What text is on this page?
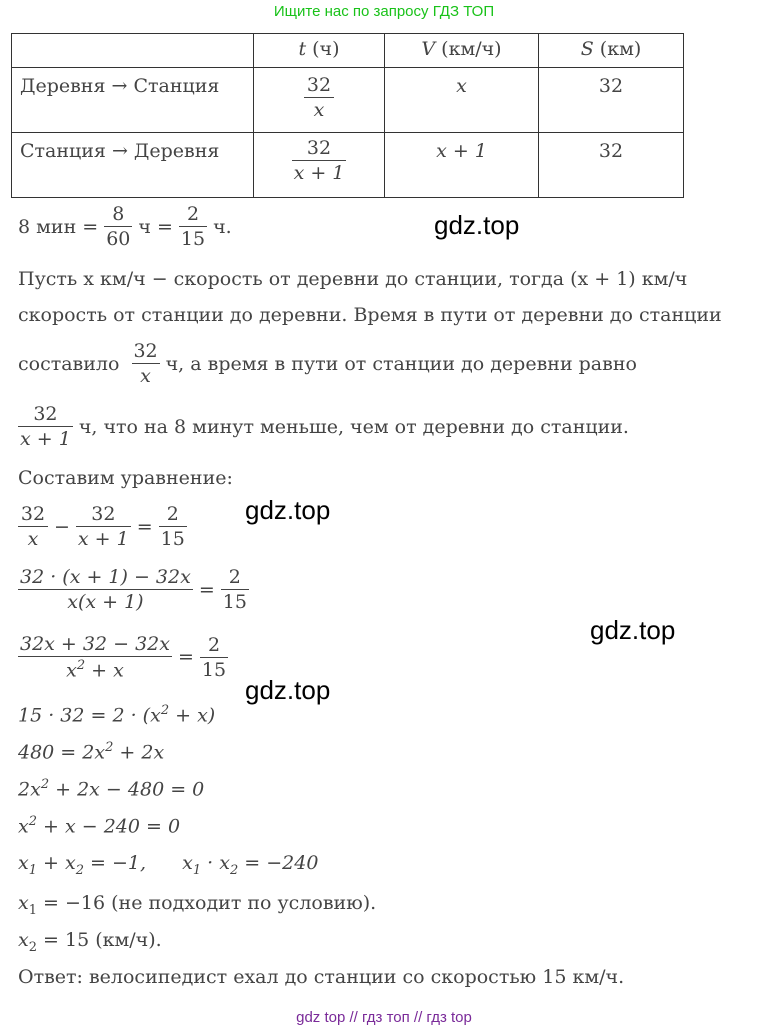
Ищите нас по запросу ГДЗ ТОП
	t (ч)	V (км/ч)	S (км)
Деревня → Станция	$\frac{32}{x}$	x	32
Станция → Деревня	$\frac{32}{x + 1}$	x + 1	32
8 мин =
8
60
ч =
2
15
ч.	gdz.top
Пусть x км/ч − скорость от деревни до станции, тогда (x + 1) км/ч
скорость от станции до деревни. Время в пути от деревни до станции
составило
32
x
ч, а время в пути от станции до деревни равно
32
x + 1
ч, что на 8 минут меньше, чем от деревни до станции.
Составим уравнение:
32
x
−
32
x + 1
=
2
15
gdz.top
32 · (x + 1) − 32x
x(x + 1)
=
2
15
gdz.top
32x + 32 − 32x
$x^2 + x$
=
2
15
gdz.top
$15 \cdot 32 = 2 \cdot (x^2 + x)$
$480 = 2x^2 + 2x$
$2x^2 + 2x - 480 = 0$
$x^2 + x - 240 = 0$
$x_1 + x_2 = -1$, $x_1 \cdot x_2 = -240$
$x_1 = -16$ (не подходит по условию).
$x_2 = 15$ (км/ч).
Ответ: велосипедист ехал до станции со скоростью 15 км/ч.
gdz top // гдз топ // гдз top
